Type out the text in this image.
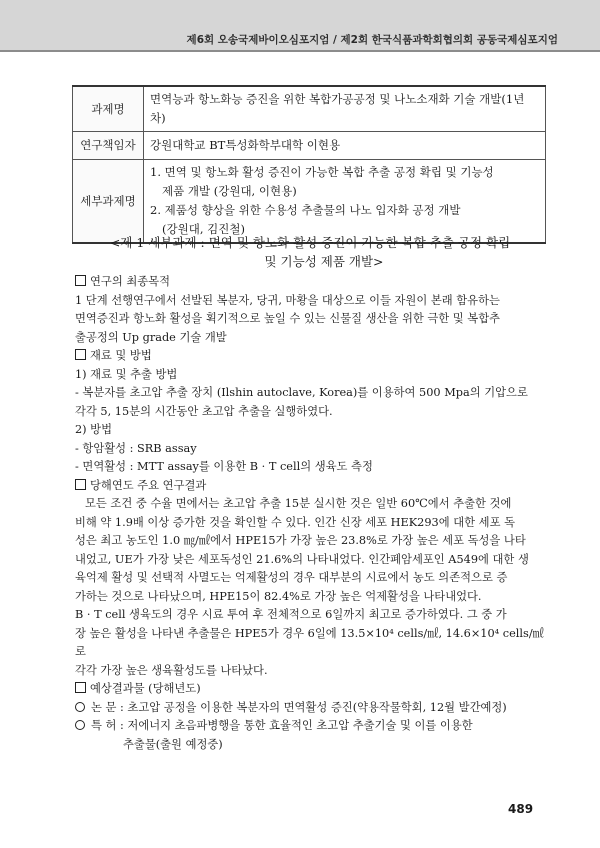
제6회 오송국제바이오심포지엄 / 제2회 한국식품과학회협의회 공동국제심포지엄
과제명	면역능과 항노화능 증진을 위한 복합가공공정 및 나노소재화 기술 개발(1년차)
연구책임자	강원대학교 BT특성화학부대학 이현용
세부과제명	1. 면역 및 항노화 활성 증진이 가능한 복합 추출 공정 확립 및 기능성
제품 개발 (강원대, 이현용)
2. 제품성 향상을 위한 수용성 추출물의 나노 입자화 공정 개발
(강원대, 김진철)
<제 1 세부과제 : 면역 및 항노화 활성 증진이 가능한 복합 추출 공정 확립
및 기능성 제품 개발>

연구의 최종목적

1 단계 선행연구에서 선발된 복분자, 당귀, 마황을 대상으로 이들 자원이 본래 함유하는

면역증진과 항노화 활성을 획기적으로 높일 수 있는 신물질 생산을 위한 극한 및 복합추

출공정의 Up grade 기술 개발

재료 및 방법

1) 재료 및 추출 방법

- 복분자를 초고압 추출 장치 (Ilshin autoclave, Korea)를 이용하여 500 Mpa의 기압으로

각각 5, 15분의 시간동안 초고압 추출을 실행하였다.

2) 방법

- 항암활성 : SRB assay

- 면역활성 : MTT assay를 이용한 B · T cell의 생육도 측정

당해연도 주요 연구결과

모든 조건 중 수율 면에서는 초고압 추출 15분 실시한 것은 일반 60℃에서 추출한 것에

비해 약 1.9배 이상 증가한 것을 확인할 수 있다. 인간 신장 세포 HEK293에 대한 세포 독

성은 최고 농도인 1.0 ㎎/㎖에서 HPE15가 가장 높은 23.8%로 가장 높은 세포 독성을 나타

내었고, UE가 가장 낮은 세포독성인 21.6%의 나타내었다. 인간폐암세포인 A549에 대한 생

육억제 활성 및 선택적 사멸도는 억제활성의 경우 대부분의 시료에서 농도 의존적으로 증

가하는 것으로 나타났으며, HPE15이 82.4%로 가장 높은 억제활성을 나타내었다.

B · T cell 생육도의 경우 시료 투여 후 전체적으로 6일까지 최고로 증가하였다. 그 중 가

장 높은 활성을 나타낸 추출물은 HPE5가 경우 6일에 13.5×10⁴ cells/㎖, 14.6×10⁴ cells/㎖로

각각 가장 높은 생육활성도를 나타났다.

예상결과물 (당해년도)

논 문 : 초고압 공정을 이용한 복분자의 면역활성 증진(약용작물학회, 12월 발간예정)

특 허 : 저에너지 초음파병행을 통한 효율적인 초고압 추출기술 및 이를 이용한

추출물(출원 예정중)

489
